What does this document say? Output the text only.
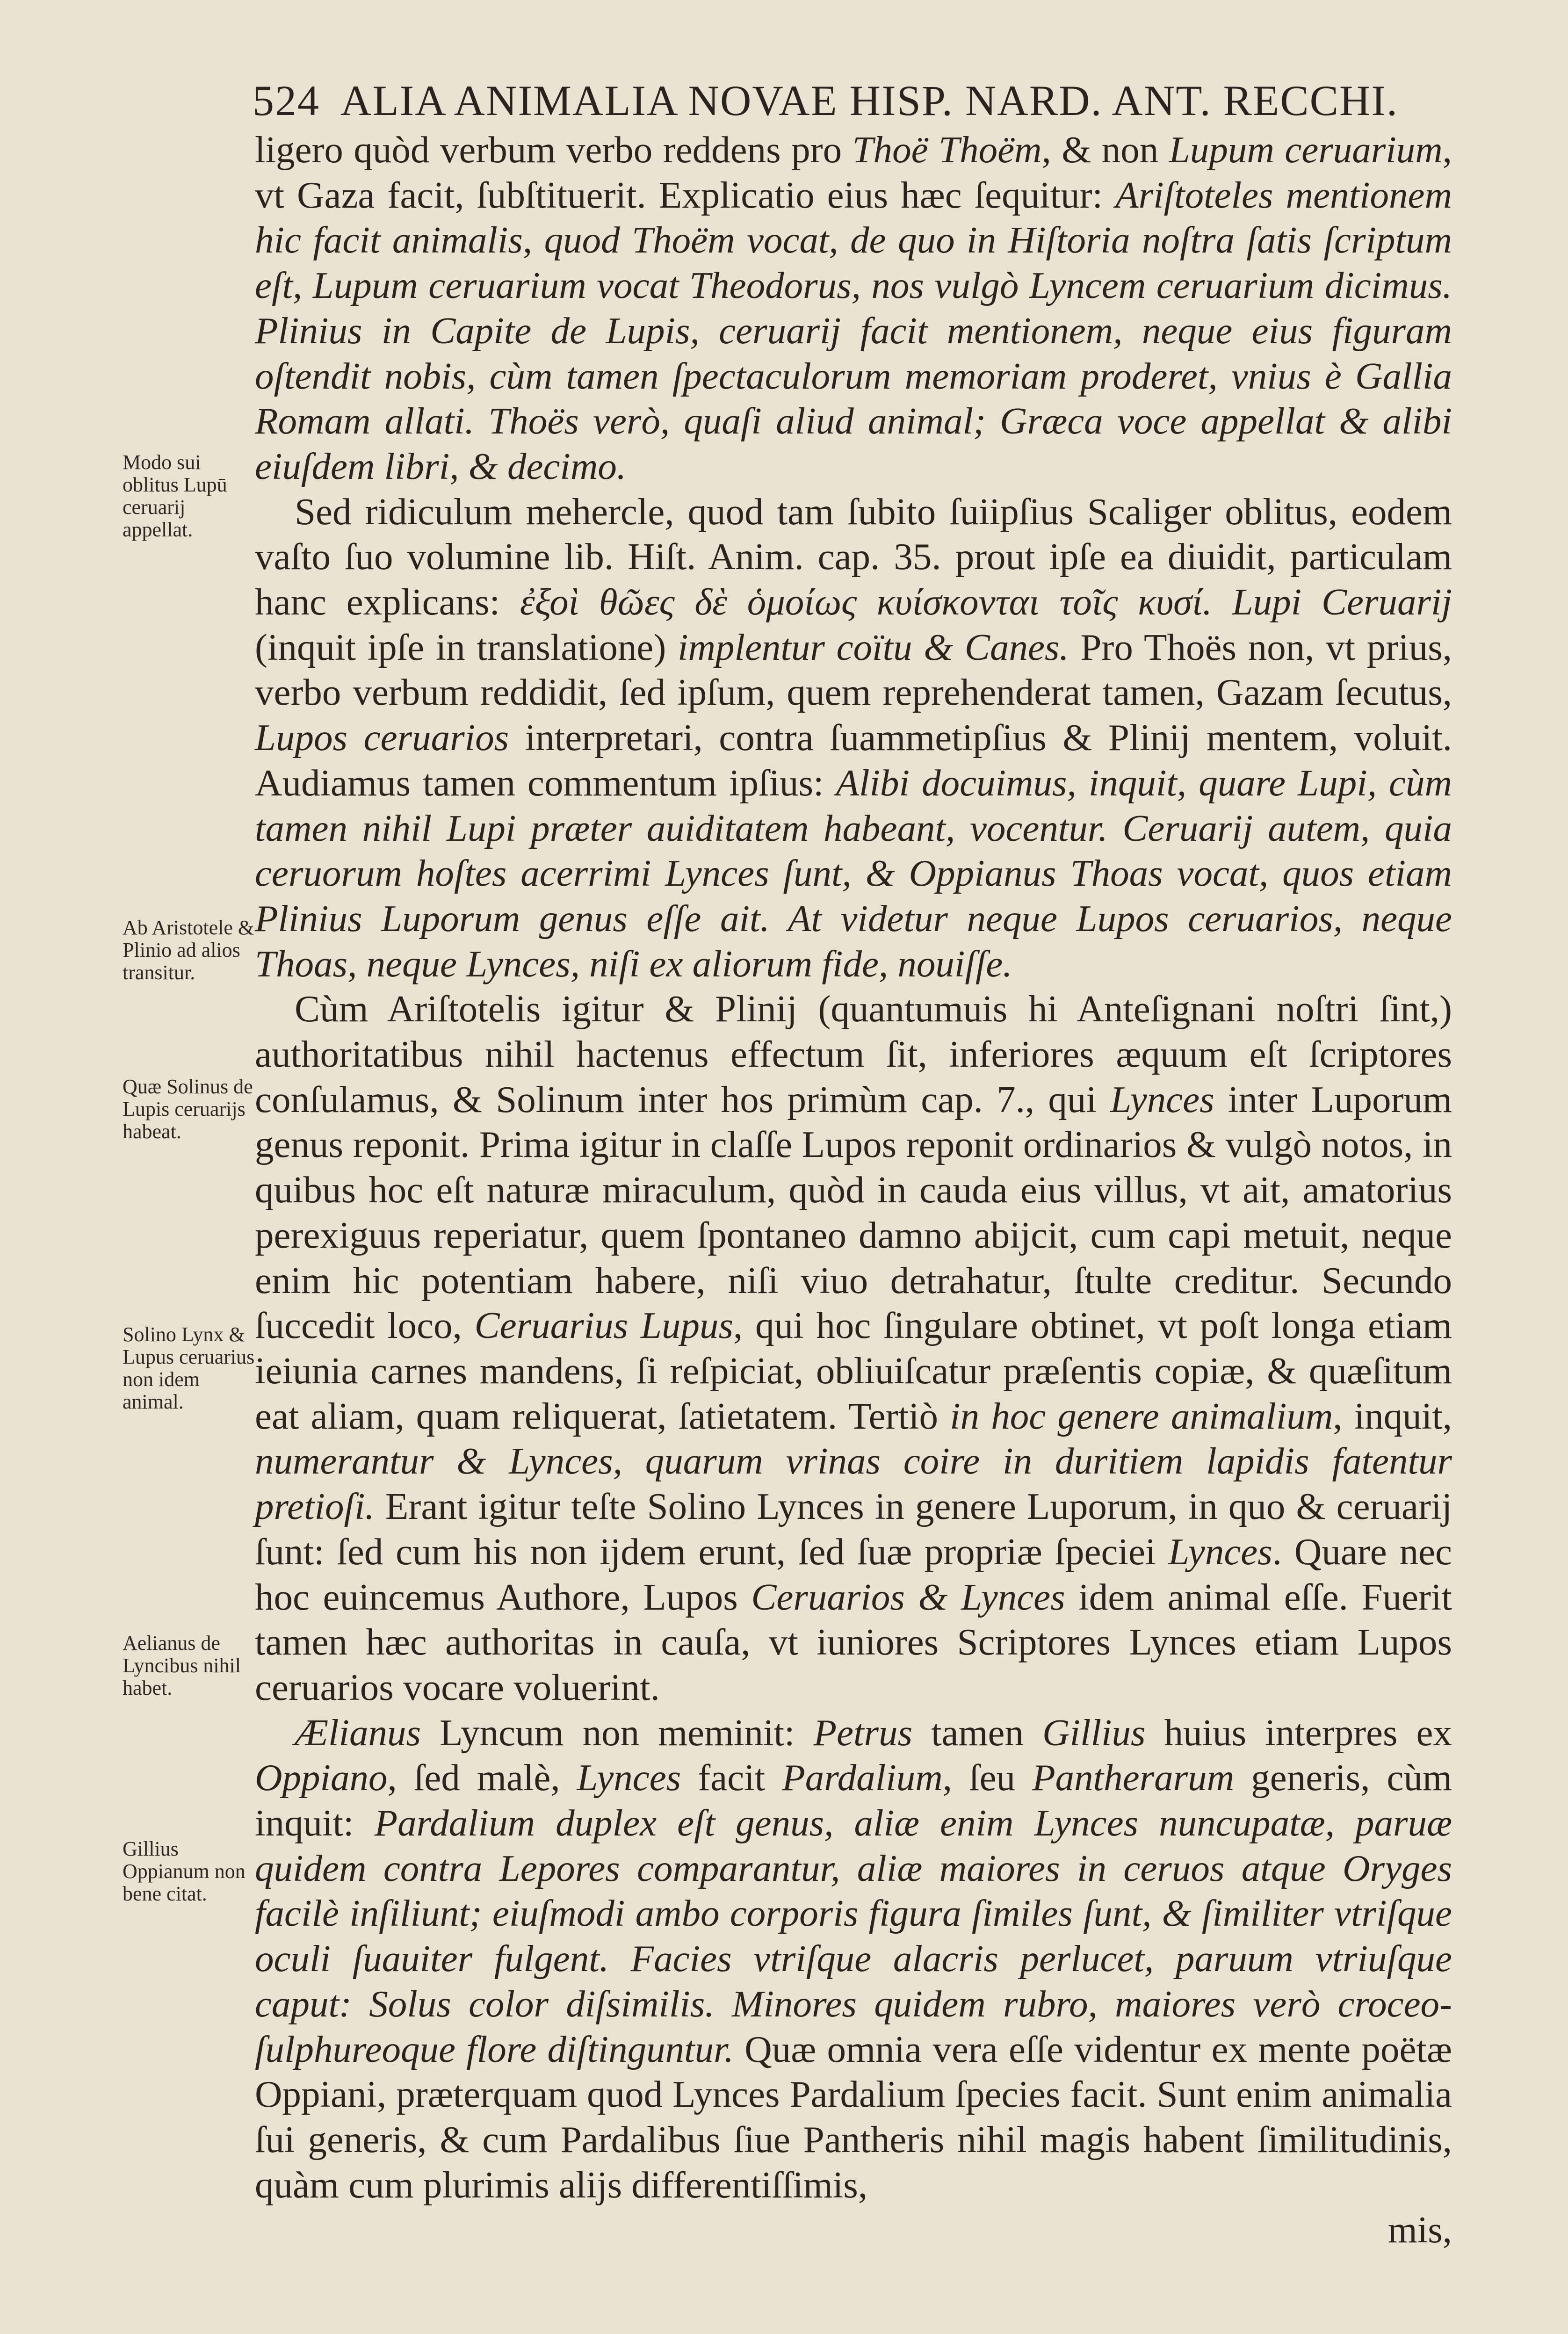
524 ALIA ANIMALIA NOVAE HISP. NARD. ANT. RECCHI.
Modo sui oblitus Lupū ceruarij appellat.
Ab Aristotele & Plinio ad alios transitur.
Quæ Solinus de Lupis ceruarijs habeat.
Solino Lynx & Lupus ceruarius non idem animal.
Aelianus de Lyncibus nihil habet.
Gillius Oppianum non bene citat.

ligero quòd verbum verbo reddens pro Thoë Thoëm, & non Lupum ceruarium, vt Gaza facit, ſubſtituerit. Explicatio eius hæc ſequitur: Ariſtoteles mentionem hic facit animalis, quod Thoëm vocat, de quo in Hiſtoria noſtra ſatis ſcriptum eſt, Lupum ceruarium vocat Theodorus, nos vulgò Lyncem ceruarium dicimus. Plinius in Capite de Lupis, ceruarij facit mentionem, neque eius figuram oſtendit nobis, cùm tamen ſpectaculorum memoriam proderet, vnius è Gallia Romam allati. Thoës verò, quaſi aliud animal; Græca voce appellat & alibi eiuſdem libri, & decimo.

Sed ridiculum mehercle, quod tam ſubito ſuiipſius Scaliger oblitus, eodem vaſto ſuo volumine lib. Hiſt. Anim. cap. 35. prout ipſe ea diuidit, particulam hanc explicans: ἐξοὶ θῶες δὲ ὁμοίως κυίσκονται τοῖς κυσί. Lupi Ceruarij (inquit ipſe in translatione) implentur coïtu & Canes. Pro Thoës non, vt prius, verbo verbum reddidit, ſed ipſum, quem reprehenderat tamen, Gazam ſecutus, Lupos ceruarios interpretari, contra ſuammetipſius & Plinij mentem, voluit. Audiamus tamen commentum ipſius: Alibi docuimus, inquit, quare Lupi, cùm tamen nihil Lupi præter auiditatem habeant, vocentur. Ceruarij autem, quia ceruorum hoſtes acerrimi Lynces ſunt, & Oppianus Thoas vocat, quos etiam Plinius Luporum genus eſſe ait. At videtur neque Lupos ceruarios, neque Thoas, neque Lynces, niſi ex aliorum fide, nouiſſe.

Cùm Ariſtotelis igitur & Plinij (quantumuis hi Anteſignani noſtri ſint,) authoritatibus nihil hactenus effectum ſit, inferiores æquum eſt ſcriptores conſulamus, & Solinum inter hos primùm cap. 7., qui Lynces inter Luporum genus reponit. Prima igitur in claſſe Lupos reponit ordinarios & vulgò notos, in quibus hoc eſt naturæ miraculum, quòd in cauda eius villus, vt ait, amatorius perexiguus reperiatur, quem ſpontaneo damno abijcit, cum capi metuit, neque enim hic potentiam habere, niſi viuo detrahatur, ſtulte creditur. Secundo ſuccedit loco, Ceruarius Lupus, qui hoc ſingulare obtinet, vt poſt longa etiam ieiunia carnes mandens, ſi reſpiciat, obliuiſcatur præſentis copiæ, & quæſitum eat aliam, quam reliquerat, ſatietatem. Tertiò in hoc genere animalium, inquit, numerantur & Lynces, quarum vrinas coire in duritiem lapidis fatentur pretioſi. Erant igitur teſte Solino Lynces in genere Luporum, in quo & ceruarij ſunt: ſed cum his non ijdem erunt, ſed ſuæ propriæ ſpeciei Lynces. Quare nec hoc euincemus Authore, Lupos Ceruarios & Lynces idem animal eſſe. Fuerit tamen hæc authoritas in cauſa, vt iuniores Scriptores Lynces etiam Lupos ceruarios vocare voluerint.

Ælianus Lyncum non meminit: Petrus tamen Gillius huius interpres ex Oppiano, ſed malè, Lynces facit Pardalium, ſeu Pantherarum generis, cùm inquit: Pardalium duplex eſt genus, aliæ enim Lynces nuncupatæ, paruæ quidem contra Lepores comparantur, aliæ maiores in ceruos atque Oryges facilè inſiliunt; eiuſmodi ambo corporis figura ſimiles ſunt, & ſimiliter vtriſque oculi ſuauiter fulgent. Facies vtriſque alacris perlucet, paruum vtriuſque caput: Solus color diſsimilis. Minores quidem rubro, maiores verò croceo-ſulphureoque flore diſtinguntur. Quæ omnia vera eſſe videntur ex mente poëtæ Oppiani, præterquam quod Lynces Pardalium ſpecies facit. Sunt enim animalia ſui generis, & cum Pardalibus ſiue Pantheris nihil magis habent ſimilitudinis, quàm cum plurimis alijs differentiſſimis,

mis,
